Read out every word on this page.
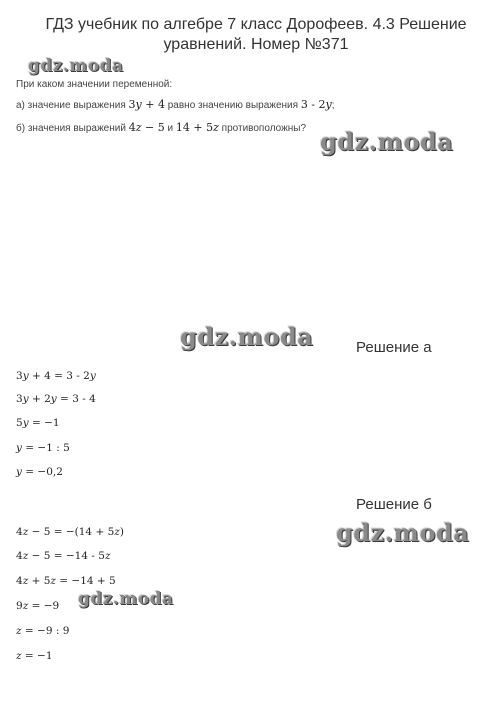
ГДЗ учебник по алгебре 7 класс Дорофеев. 4.3 Решение уравнений. Номер №371
gdz.moda
gdz.moda
gdz.moda
gdz.moda
gdz.moda
При каком значении переменной:
а) значение выражения 3y + 4 равно значению выражения 3 - 2y;
б) значения выражений 4z − 5 и 14 + 5z противоположны?
Решение а
3y + 4 = 3 - 2y
3y + 2y = 3 - 4
5y = −1
y = −1 : 5
y = −0,2
Решение б
4z − 5 = −(14 + 5z)
4z − 5 = −14 - 5z
4z + 5z = −14 + 5
9z = −9
z = −9 : 9
z = −1
